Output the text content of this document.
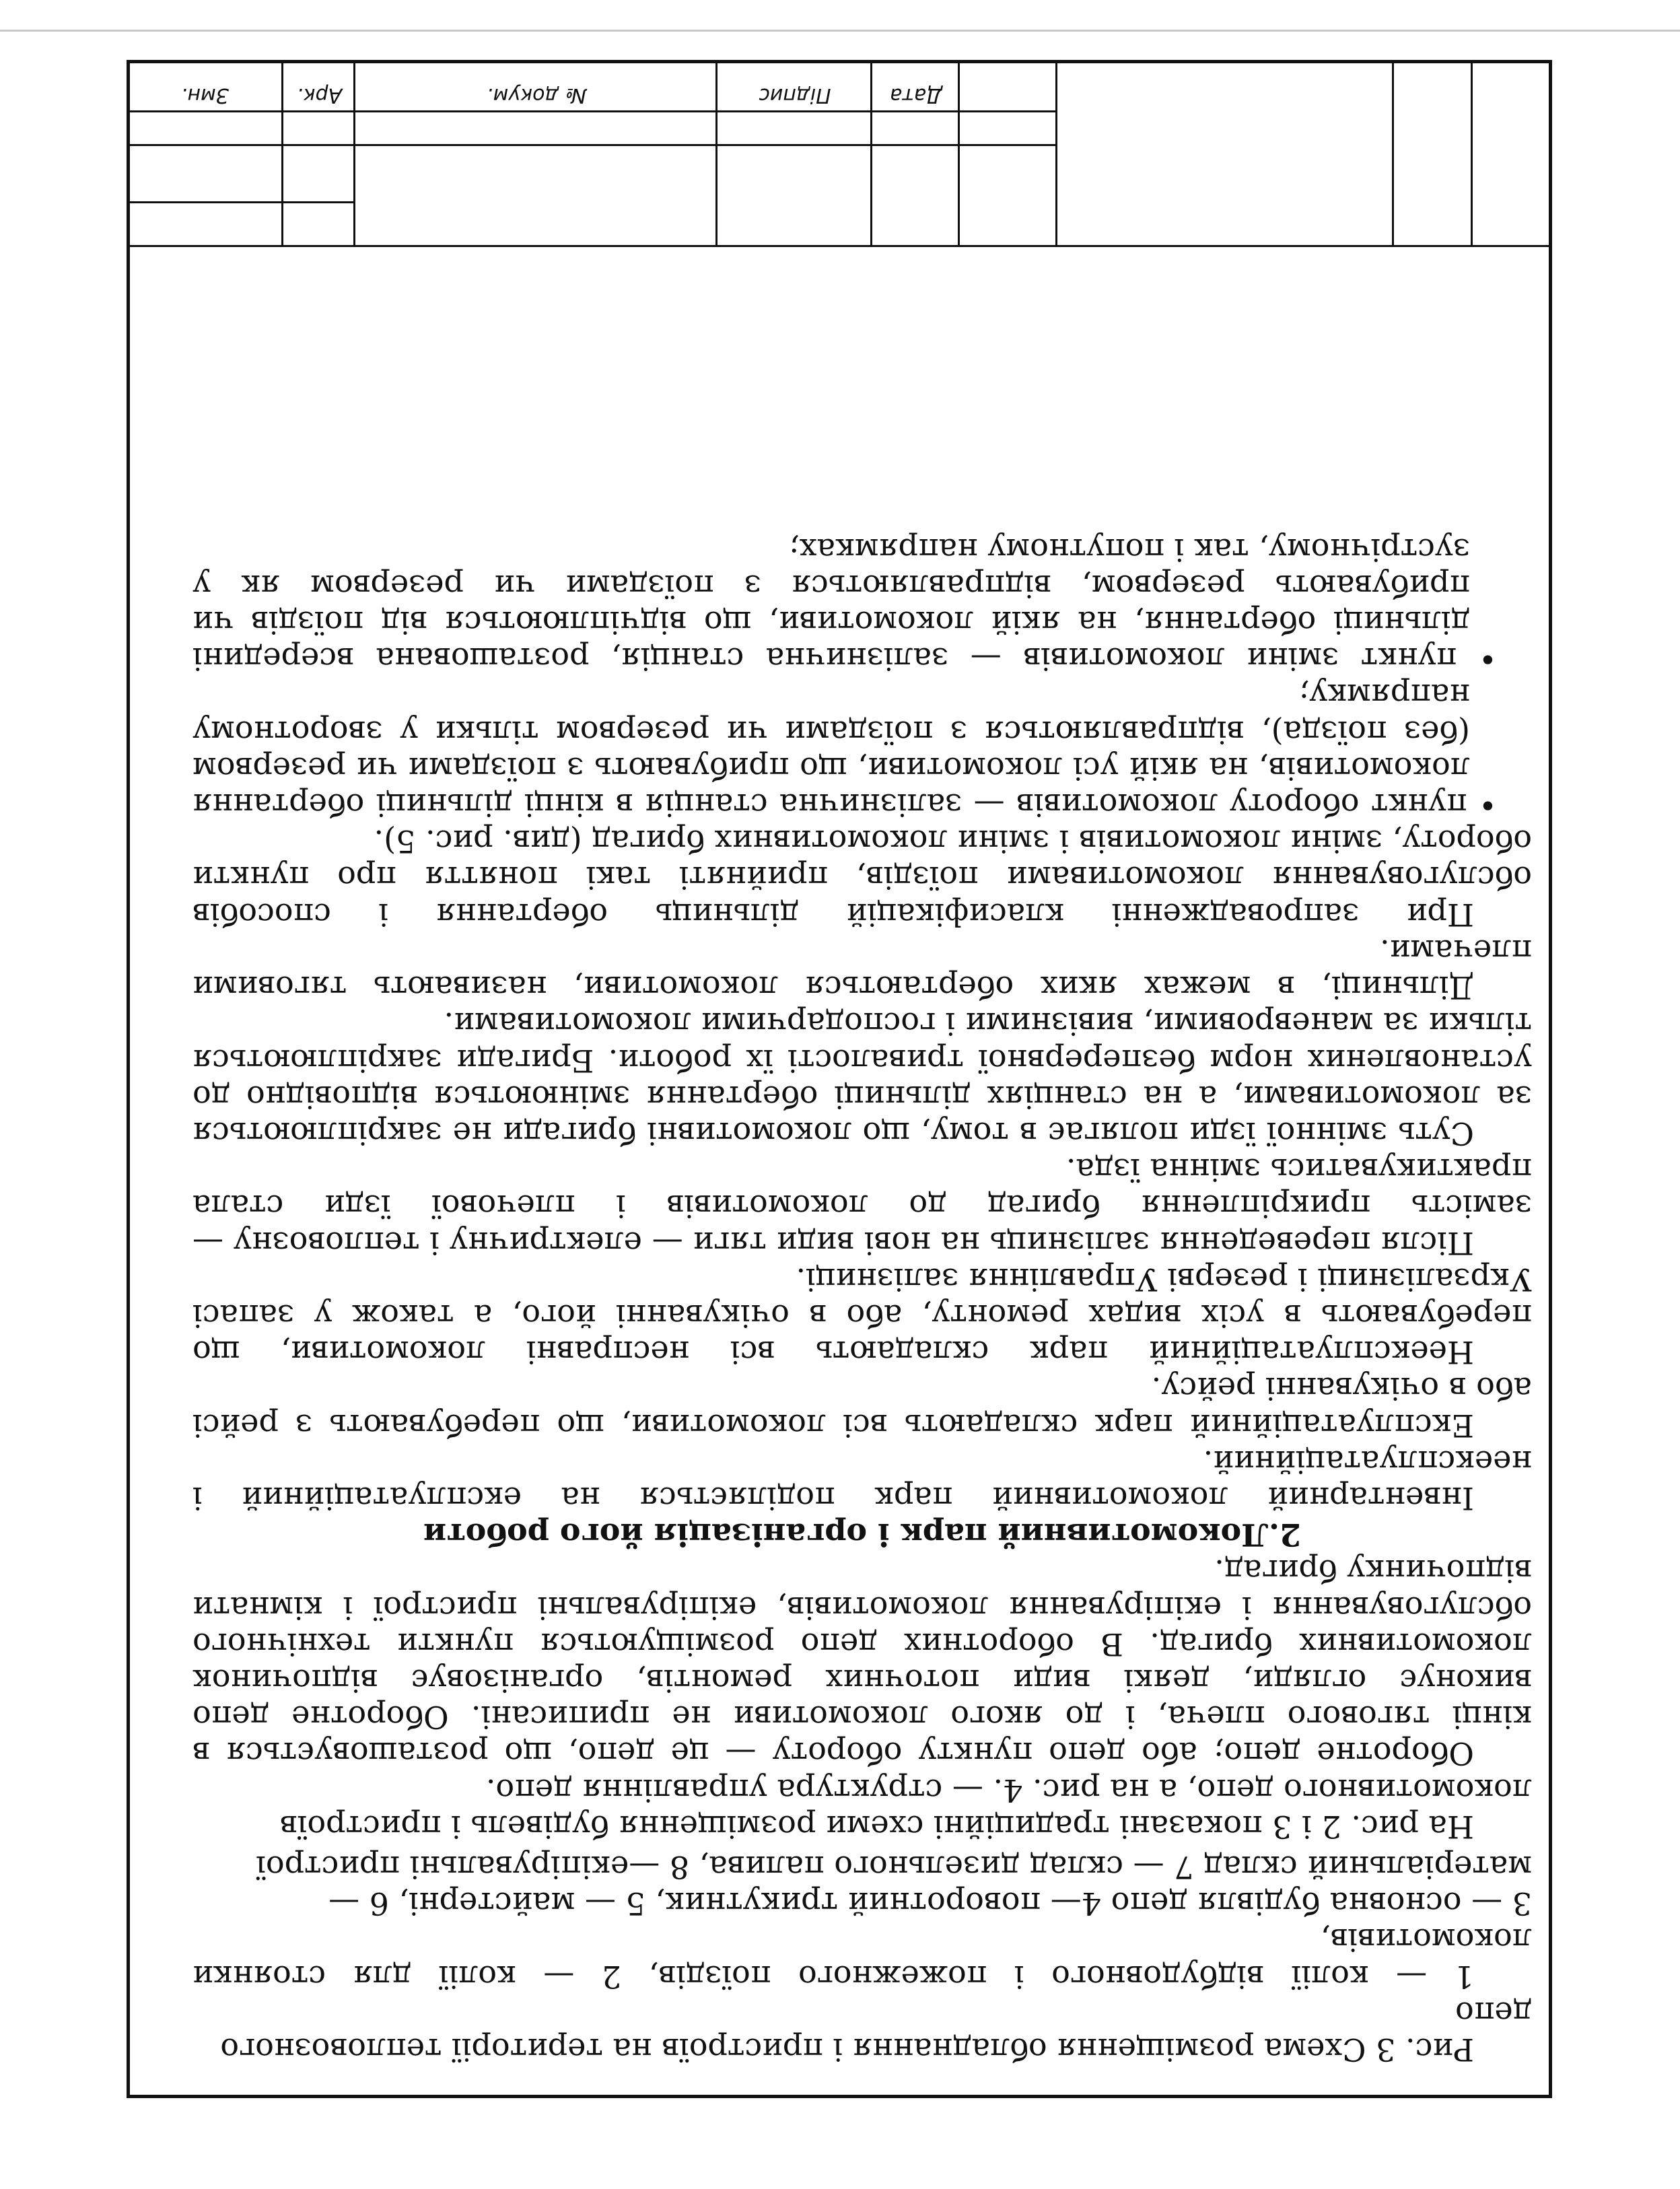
Рис. 3 Схема розміщення обладнання і пристроїв на території тепловозного

депо

1 — колії відбудовного і пожежного поїздів, 2 — колії для стоянки локомотивів,

3 — основна будівля депо 4— поворотний трикутник, 5 — майстерні, 6 —

матеріальний склад 7 — склад дизельного палива, 8 —екіпірувальні пристрої

На рис. 2 і 3 показані традиційні схеми розміщення будівель і пристроїв

локомотивного депо, а на рис. 4. — структура управління депо.

Оборотне депо; або депо пункту обороту — це депо, що розташовується в кінці тягового плеча, і до якого локомотиви не приписані. Оборотне депо виконує огляди, деякі види поточних ремонтів, організовує відпочинок локомотивних бригад. В оборотних депо розміщуються пункти технічного обслуговування і екіпірування локомотивів, екіпірувальні пристрої і кімнати відпочинку бригад.

2.Локомотивний парк і організація його роботи

Інвентарний локомотивний парк поділяється на експлуатаційний і неексплуатаційний.

Експлуатаційний парк складають всі локомотиви, що перебувають з рейсі або в очікуванні рейсу.

Неексплуатаційний парк складають всі несправні локомотиви, що перебувають в усіх видах ремонту, або в очікуванні його, а також у запасі Укрзалізниці і резерві Управління залізниці.

Після переведення залізниць на нові види тяги — електричну і тепловозну — замість прикріплення бригад до локомотивів і плечової їзди стала практикуватись змінна їзда.

Суть змінної їзди полягає в тому, що локомотивні бригади не закріплюються за локомотивами, а на станціях дільниці обертання змінюються відповідно до установлених норм безперервної тривалості їх роботи. Бригади закріплюються тільки за маневровими, вивізними і господарчими локомотивами.

Дільниці, в межах яких обертаються локомотиви, називають тяговими плечами.

При запровадженні класифікацій дільниць обертання і способів обслуговування локомотивами поїздів, прийняті такі поняття про пункти обороту, зміни локомотивів і зміни локомотивних бригад (див. рис. 5).

• пункт обороту локомотивів — залізнична станція в кінці дільниці обертання локомотивів, на якій усі локомотиви, що прибувають з поїздами чи резервом (без поїзда), відправляються з поїздами чи резервом тільки у зворотному напрямку;

• пункт зміни локомотивів — залізнична станція, розташована всередині дільниці обертання, на якій локомотиви, що відчіплюються від поїздів чи прибувають резервом, відправляються з поїздами чи резервом як у зустрічному, так і попутному напрямках;

Змн.	Арк.	№ докум.	Підпис	Дата
